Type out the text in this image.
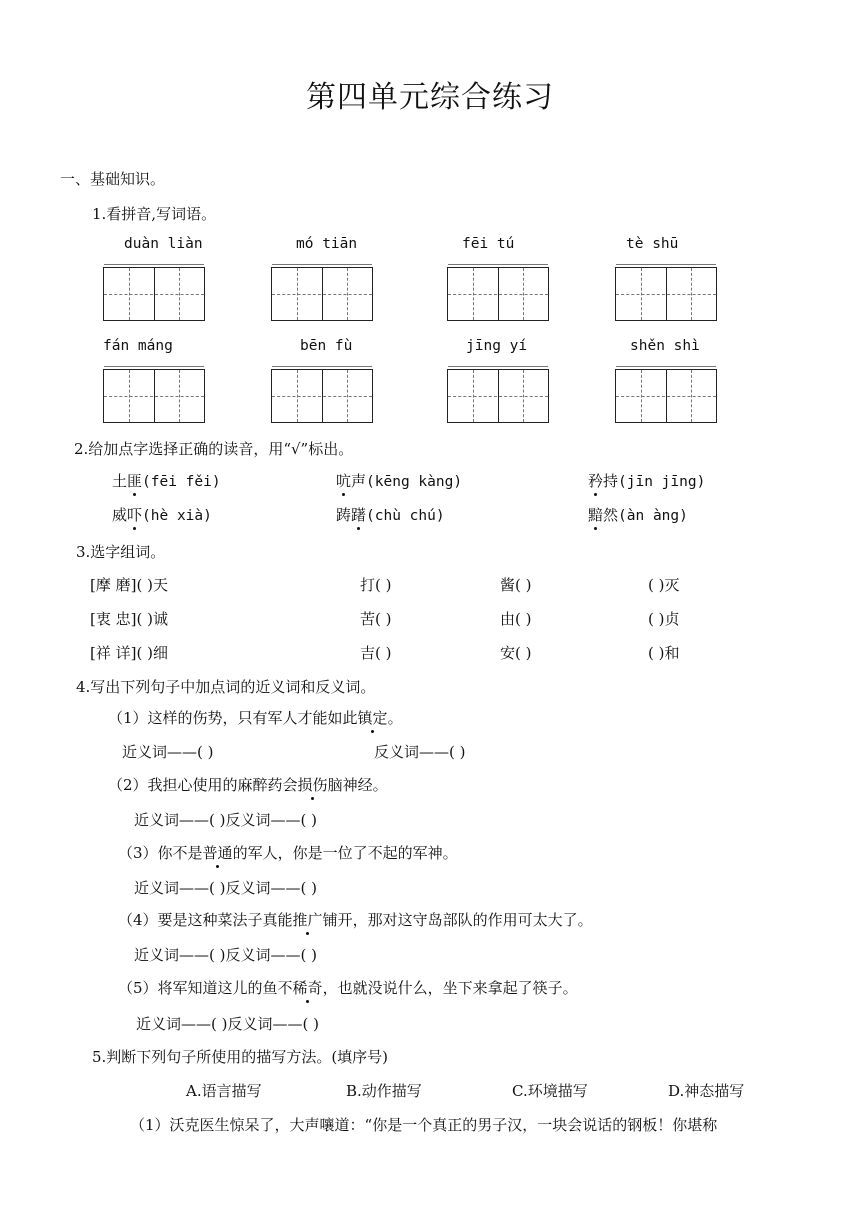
第四单元综合练习
一、基础知识。
1.看拼音,写词语。
duàn liàn	mó tiān	fēi tú	tè shū
fán máng	bēn fù	jīng yí	shěn shì
2.给加点字选择正确的读音，用“√”标出。
土匪(fēi fěi)	吭声(kēng kàng)	矜持(jīn jīng)
威吓(hè xià)	踌躇(chù chú)	黯然(àn àng)
3.选字组词。
[摩 磨]( )天	打( )	酱( )	( )灭
[衷 忠]( )诚	苦( )	由( )	( )贞
[祥 详]( )细	吉( )	安( )	( )和
4.写出下列句子中加点词的近义词和反义词。
（1）这样的伤势，只有军人才能如此镇定。
近义词——( )	反义词——( )
（2）我担心使用的麻醉药会损伤脑神经。
近义词——( )反义词——( )
（3）你不是普通的军人，你是一位了不起的军神。
近义词——( )反义词——( )
（4）要是这种菜法子真能推广铺开，那对这守岛部队的作用可太大了。
近义词——( )反义词——( )
（5）将军知道这儿的鱼不稀奇，也就没说什么，坐下来拿起了筷子。
近义词——( )反义词——( )
5.判断下列句子所使用的描写方法。(填序号)
A.语言描写	B.动作描写	C.环境描写	D.神态描写
（1）沃克医生惊呆了，大声嚷道：“你是一个真正的男子汉，一块会说话的钢板！你堪称
